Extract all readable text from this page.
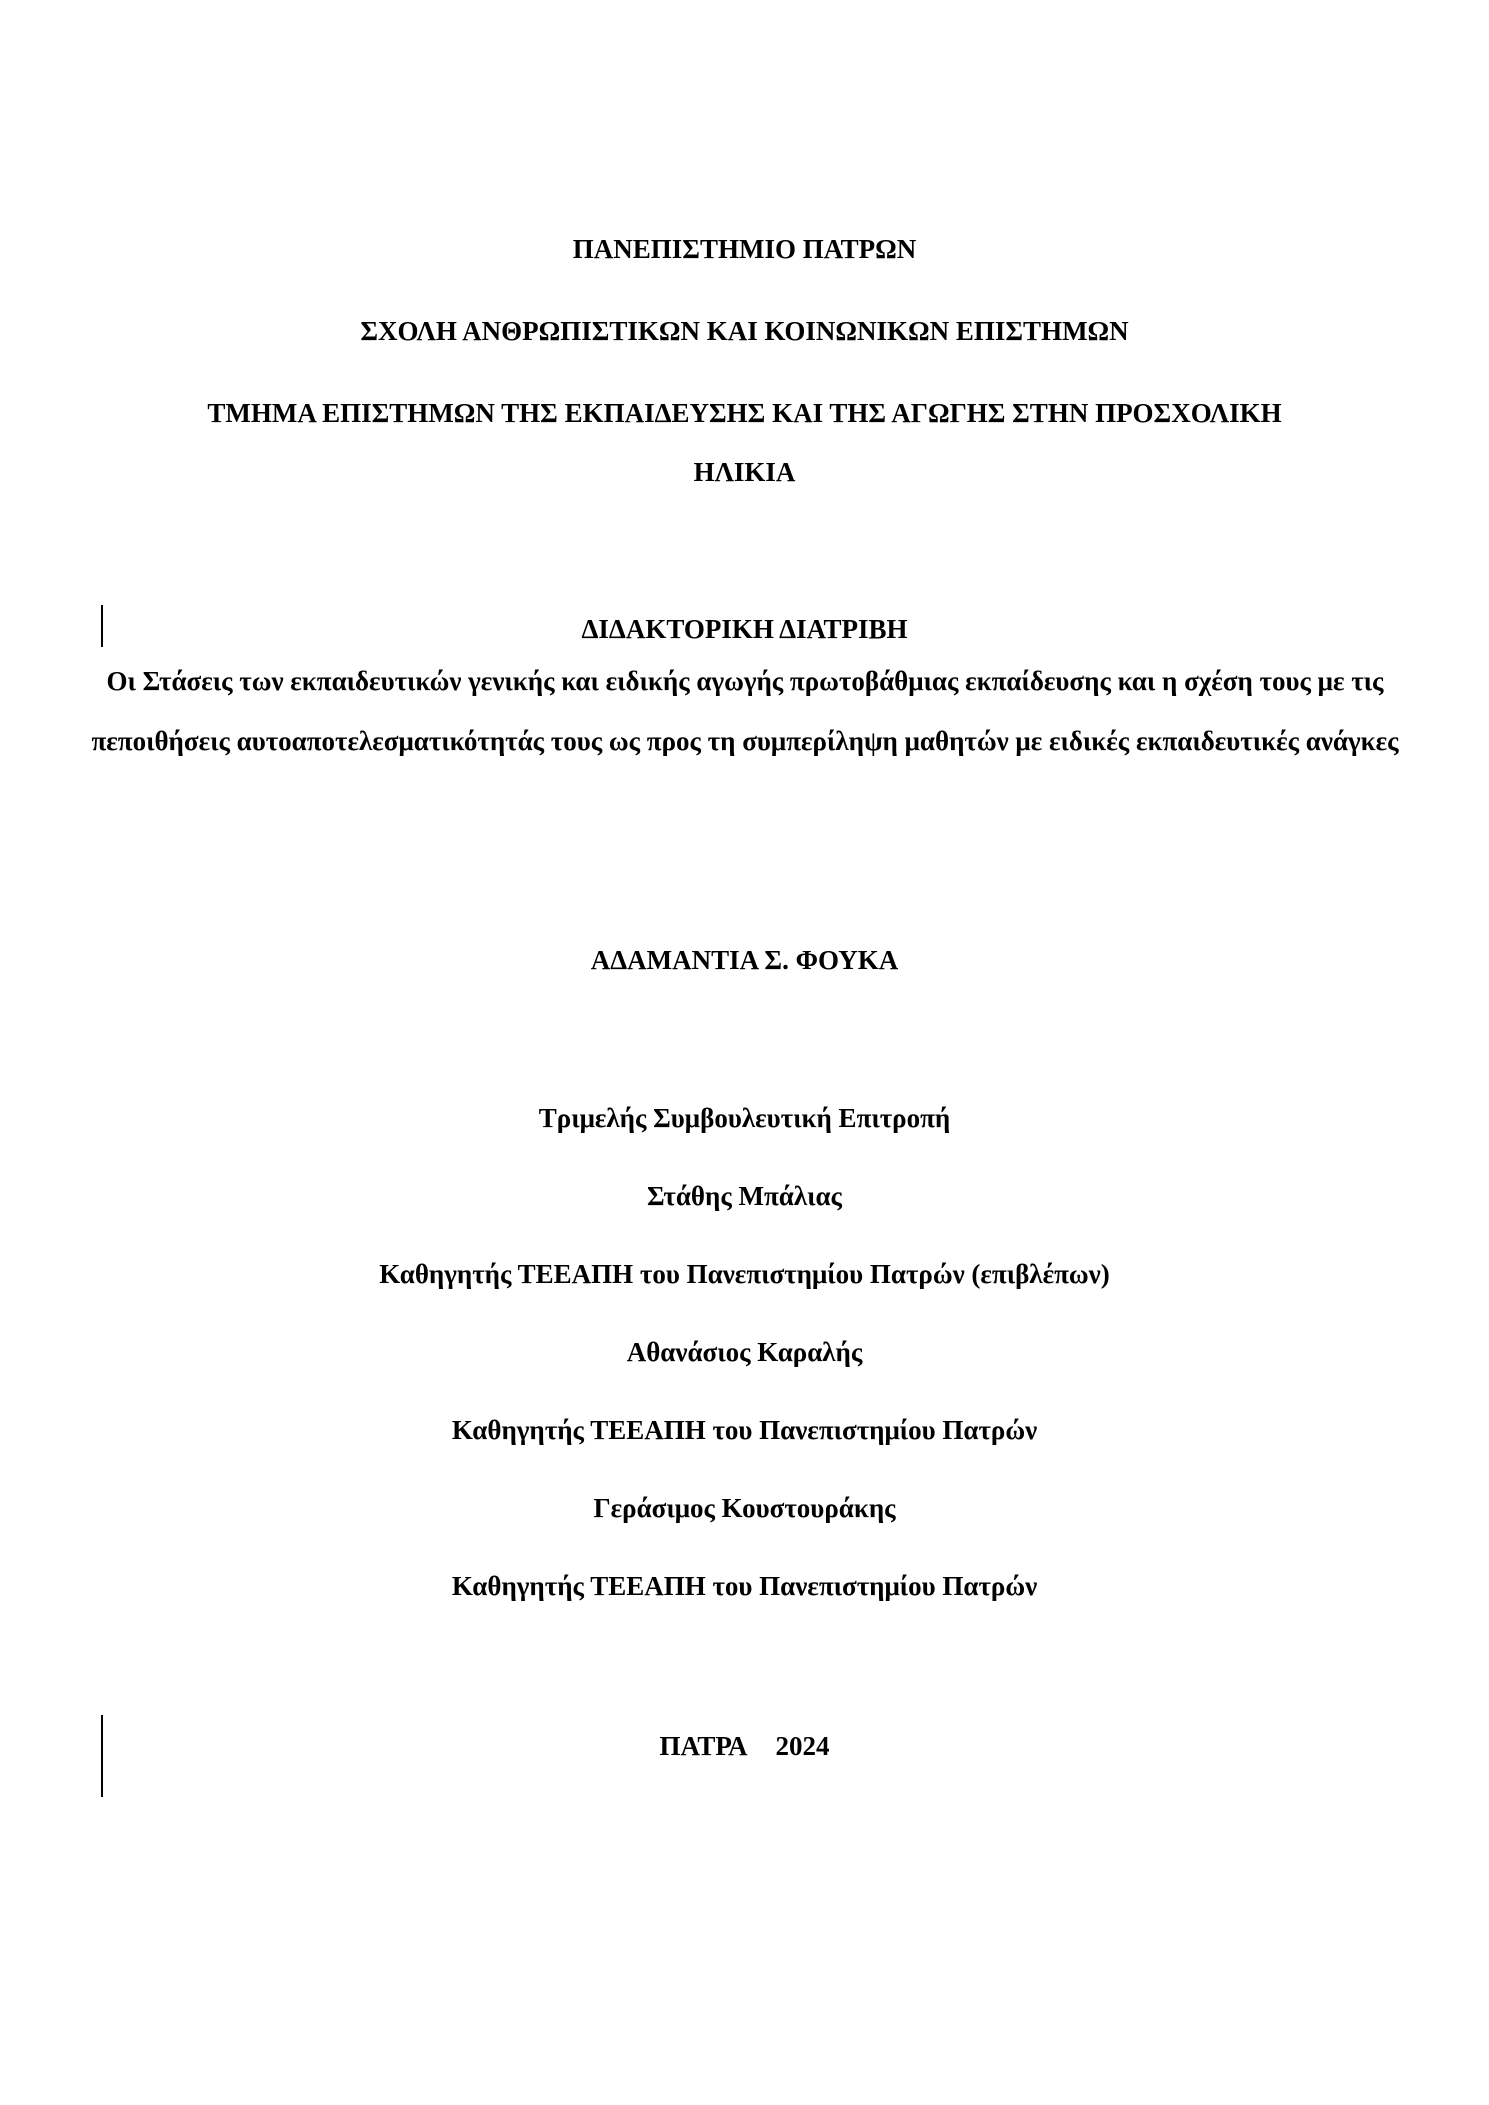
ΠΑΝΕΠΙΣΤΗΜΙΟ ΠΑΤΡΩΝ
ΣΧΟΛΗ ΑΝΘΡΩΠΙΣΤΙΚΩΝ ΚΑΙ ΚΟΙΝΩΝΙΚΩΝ ΕΠΙΣΤΗΜΩΝ
ΤΜΗΜΑ ΕΠΙΣΤΗΜΩΝ ΤΗΣ ΕΚΠΑΙΔΕΥΣΗΣ ΚΑΙ ΤΗΣ ΑΓΩΓΗΣ ΣΤΗΝ ΠΡΟΣΧΟΛΙΚΗ
ΗΛΙΚΙΑ
ΔΙΔΑΚΤΟΡΙΚΗ ΔΙΑΤΡΙΒΗ
Οι Στάσεις των εκπαιδευτικών γενικής και ειδικής αγωγής πρωτοβάθμιας εκπαίδευσης και η σχέση τους με τις πεποιθήσεις αυτοαποτελεσματικότητάς τους ως προς τη συμπερίληψη μαθητών με ειδικές εκπαιδευτικές ανάγκες
ΑΔΑΜΑΝΤΙΑ Σ. ΦΟΥΚΑ
Τριμελής Συμβουλευτική Επιτροπή
Στάθης Μπάλιας
Καθηγητής ΤΕΕΑΠΗ του Πανεπιστημίου Πατρών (επιβλέπων)
Αθανάσιος Καραλής
Καθηγητής ΤΕΕΑΠΗ του Πανεπιστημίου Πατρών
Γεράσιμος Κουστουράκης
Καθηγητής ΤΕΕΑΠΗ του Πανεπιστημίου Πατρών
ΠΑΤΡΑ 2024
